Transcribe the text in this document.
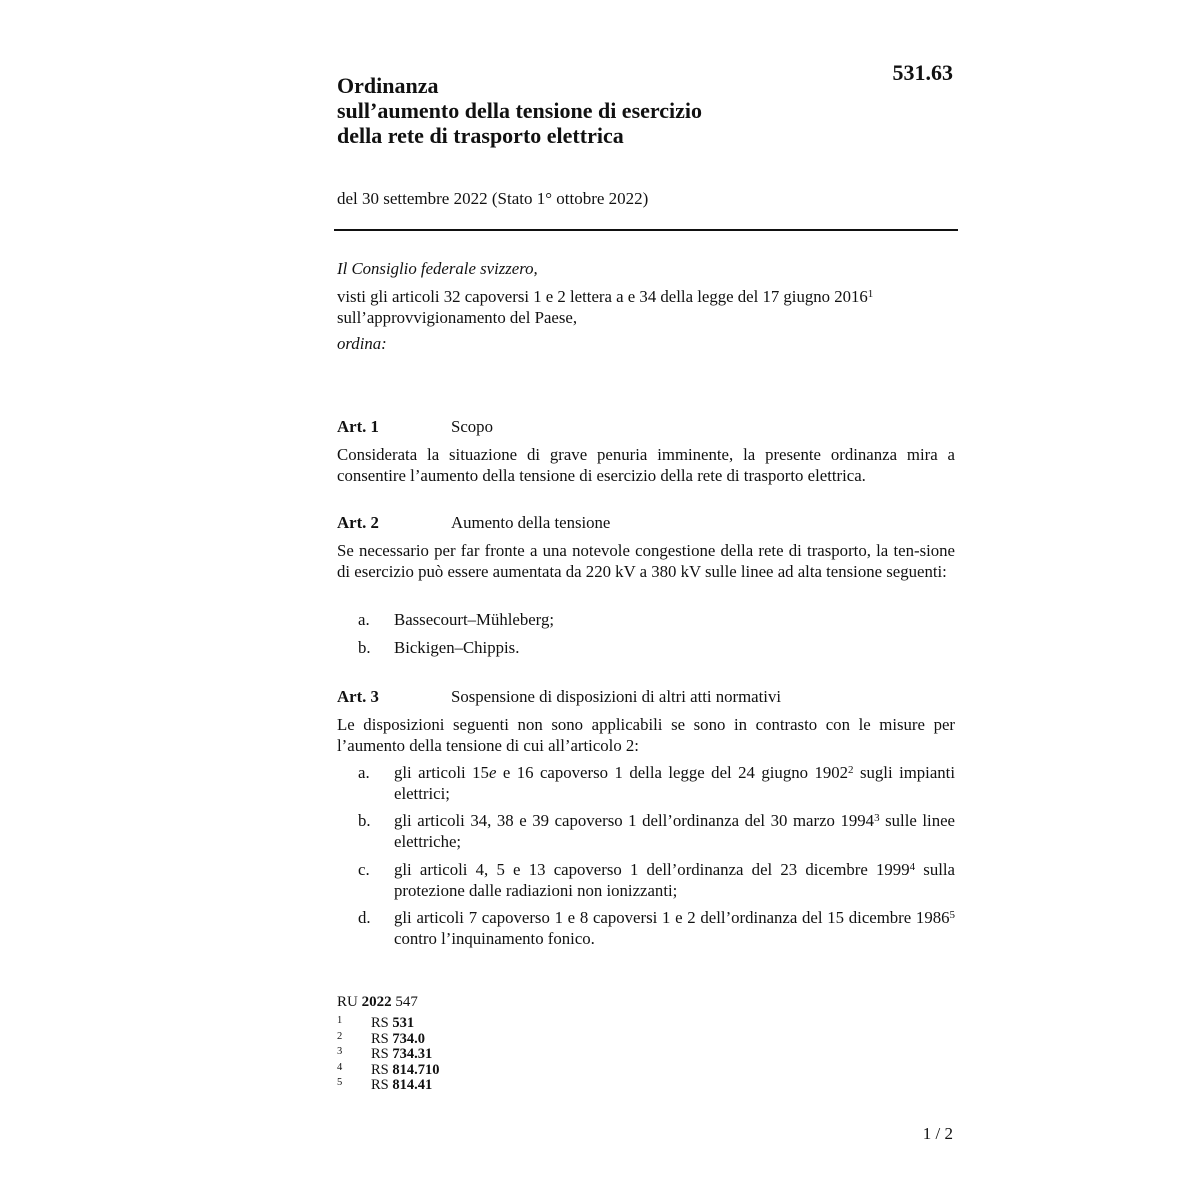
531.63
Ordinanza
sull’aumento della tensione di esercizio
della rete di trasporto elettrica
del 30 settembre 2022 (Stato 1° ottobre 2022)
Il Consiglio federale svizzero,
visti gli articoli 32 capoversi 1 e 2 lettera a e 34 della legge del 17 giugno 2016$^1$
sull’approvvigionamento del Paese,
ordina:
Art. 1	Scopo
Considerata la situazione di grave penuria imminente, la presente ordinanza mira a consentire l’aumento della tensione di esercizio della rete di trasporto elettrica.
Art. 2	Aumento della tensione
Se necessario per far fronte a una notevole congestione della rete di trasporto, la ten-sione di esercizio può essere aumentata da 220 kV a 380 kV sulle linee ad alta tensione seguenti:
a. Bassecourt–Mühleberg;
b. Bickigen–Chippis.
Art. 3	Sospensione di disposizioni di altri atti normativi
Le disposizioni seguenti non sono applicabili se sono in contrasto con le misure per l’aumento della tensione di cui all’articolo 2:
a. gli articoli 15e e 16 capoverso 1 della legge del 24 giugno 1902$^2$ sugli impianti elettrici;
b. gli articoli 34, 38 e 39 capoverso 1 dell’ordinanza del 30 marzo 1994$^3$ sulle linee elettriche;
c. gli articoli 4, 5 e 13 capoverso 1 dell’ordinanza del 23 dicembre 1999$^4$ sulla protezione dalle radiazioni non ionizzanti;
d. gli articoli 7 capoverso 1 e 8 capoversi 1 e 2 dell’ordinanza del 15 dicembre 1986$^5$ contro l’inquinamento fonico.
RU 2022 547
1 RS 531
2 RS 734.0
3 RS 734.31
4 RS 814.710
5 RS 814.41
1 / 2
